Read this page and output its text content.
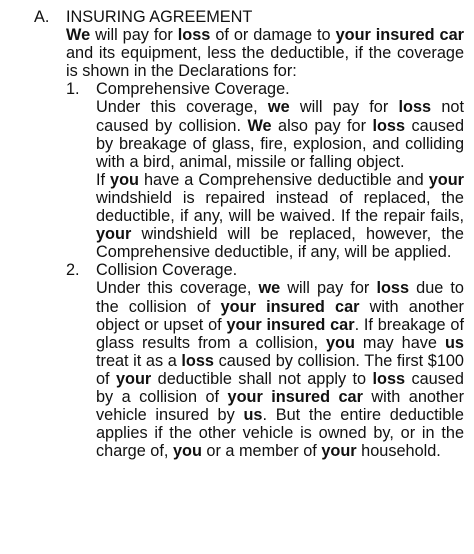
A. INSURING AGREEMENT

We will pay for loss of or damage to your insured car and its equipment, less the deductible, if the coverage is shown in the Declarations for:

1. Comprehensive Coverage.

Under this coverage, we will pay for loss not caused by collision. We also pay for loss caused by breakage of glass, fire, explosion, and colliding with a bird, animal, missile or falling object.

If you have a Comprehensive deductible and your windshield is repaired instead of replaced, the deductible, if any, will be waived. If the repair fails, your windshield will be replaced, however, the Comprehensive deductible, if any, will be applied.

2. Collision Coverage.

Under this coverage, we will pay for loss due to the collision of your insured car with another object or upset of your insured car. If breakage of glass results from a collision, you may have us treat it as a loss caused by collision. The first $100 of your deductible shall not apply to loss caused by a collision of your insured car with another vehicle insured by us. But the entire deductible applies if the other vehicle is owned by, or in the charge of, you or a member of your household.
